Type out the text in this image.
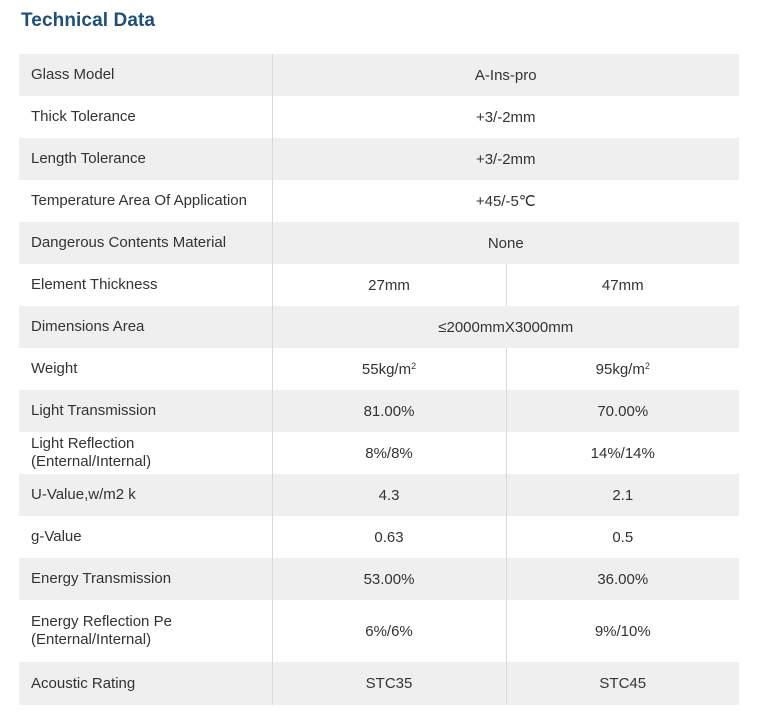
Technical Data
Glass Model	A-Ins-pro	
Thick Tolerance	+3/-2mm	
Length Tolerance	+3/-2mm	
Temperature Area Of Application	+45/-5℃	
Dangerous Contents Material	None	
Element Thickness	27mm	47mm
Dimensions Area	≤2000mmX3000mm	
Weight	$55kg/m^2$	$95kg/m^2$
Light Transmission	81.00%	70.00%

Light Reflection
(Enternal/Internal)	8%/8%	14%/14%
U-Value,w/m2 k	4.3	2.1
g-Value	0.63	0.5
Energy Transmission	53.00%	36.00%

Energy Reflection Pe
(Enternal/Internal)	6%/6%	9%/10%
Acoustic Rating	STC35	STC45
